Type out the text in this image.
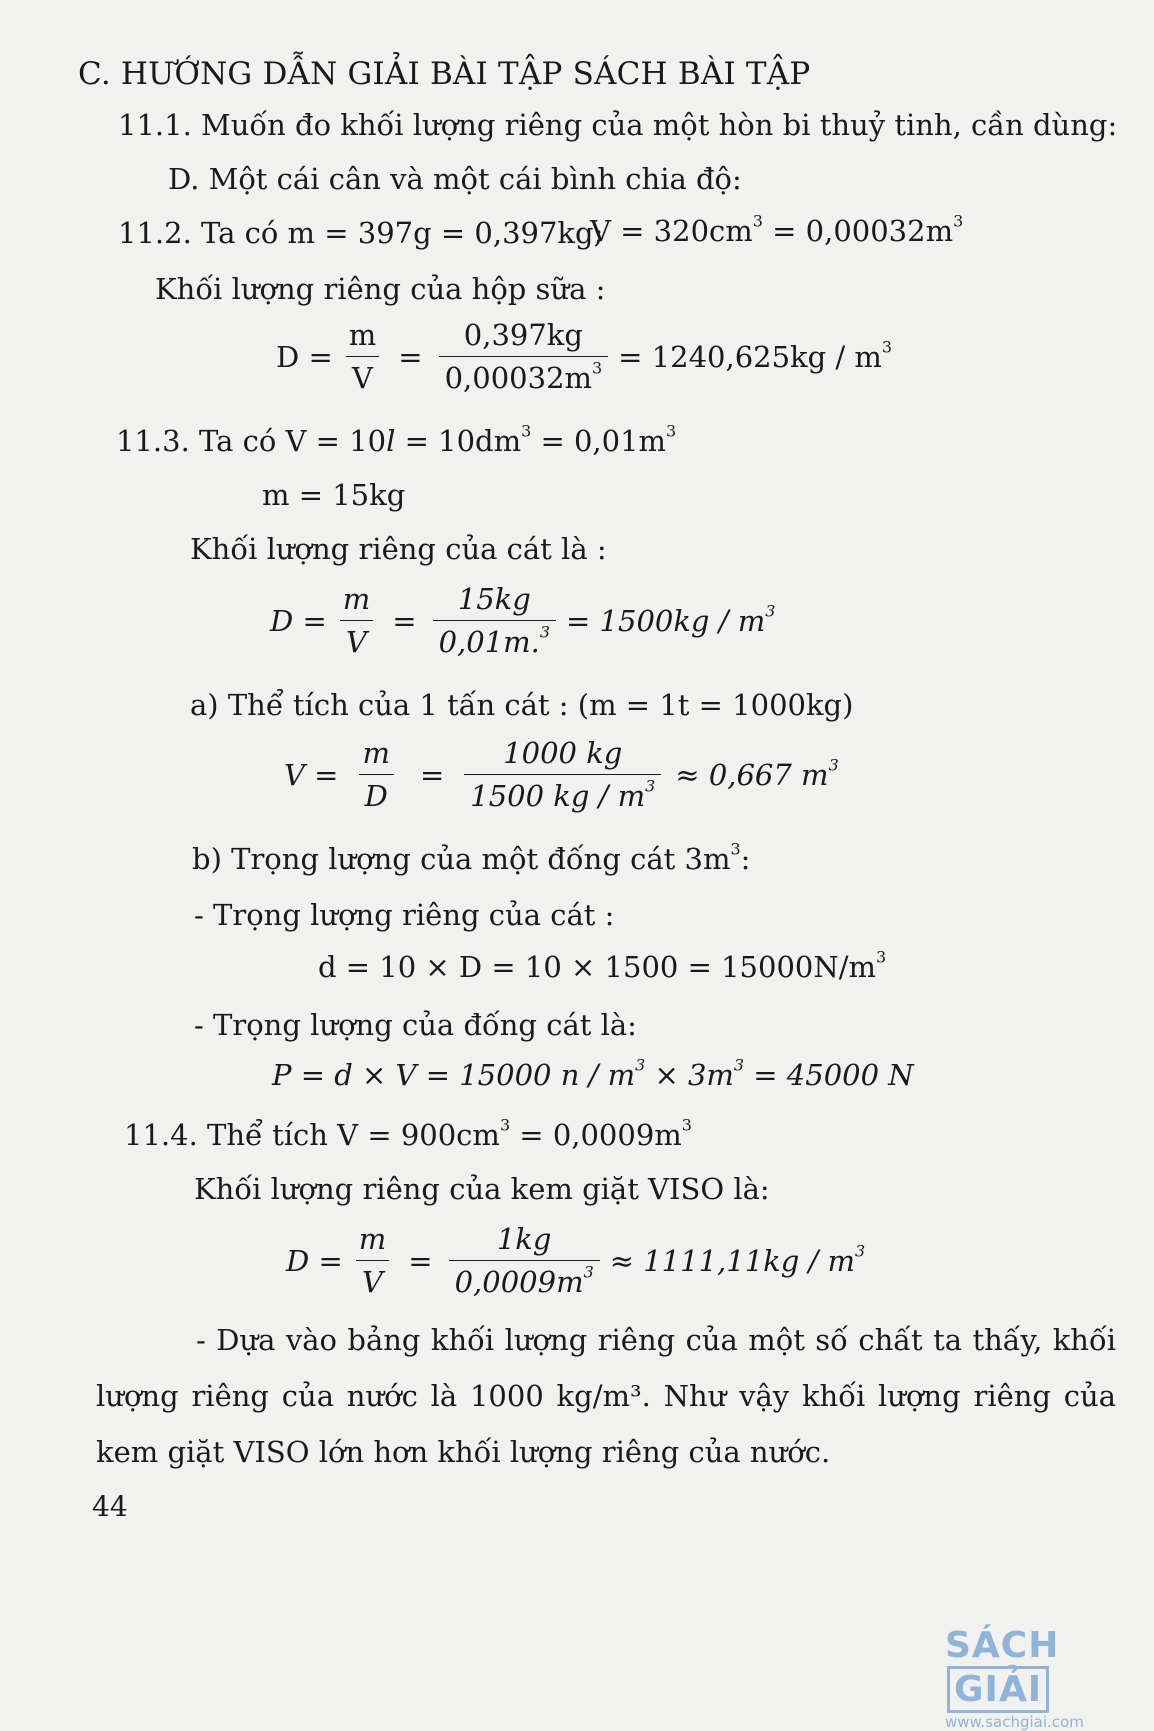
C. HƯỚNG DẪN GIẢI BÀI TẬP SÁCH BÀI TẬP
11.1. Muốn đo khối lượng riêng của một hòn bi thuỷ tinh, cần dùng:
D. Một cái cân và một cái bình chia độ:
11.2. Ta có m = 397g = 0,397kg;
$V = 320cm^3 = 0,00032m^3$
Khối lượng riêng của hộp sữa :
$D = \frac{m}{V} = \frac{0,397kg}{0,00032m^3} = 1240,625kg / m^3$
11.3. Ta có $V = 10l = 10dm^3 = 0,01m^3$
m = 15kg
Khối lượng riêng của cát là :
$D = \frac{m}{V} = \frac{15kg}{0,01m.^3} = 1500kg / m^3$
a) Thể tích của 1 tấn cát : (m = 1t = 1000kg)
$V = \frac{m}{D} = \frac{1000 kg}{1500 kg / m^3} \approx 0,667$ $m^3$
b) Trọng lượng của một đống cát $3m^3$:
- Trọng lượng riêng của cát :
$d = 10 \times D = 10 \times 1500 = 15000N/m^3$
- Trọng lượng của đống cát là:
P = d × V = 15000 $n / m^3 \times 3m^3 = 45000$ N
11.4. Thể tích $V = 900cm^3 = 0,0009m^3$
Khối lượng riêng của kem giặt VISO là:
$D = \frac{m}{V} = \frac{1kg}{0,0009m^3} \approx 1111,11kg / m^3$
- Dựa vào bảng khối lượng riêng của một số chất ta thấy, khối lượng riêng của nước là 1000 kg/m³. Như vậy khối lượng riêng của kem giặt VISO lớn hơn khối lượng riêng của nước.
44
SÁCHGIẢI
www.sachgiai.com
